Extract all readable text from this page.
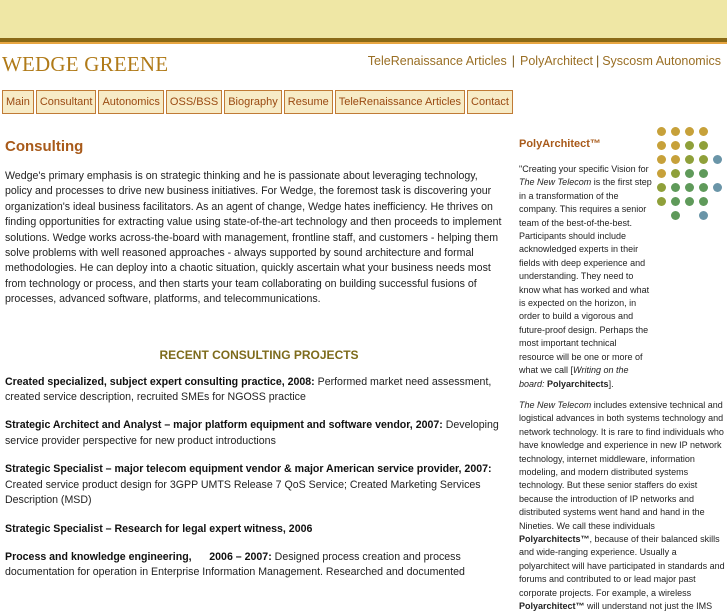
WEDGE GREENE	TeleRenaissance Articles | PolyArchitect | Syscosm Autonomics
Main Consultant Autonomics OSS/BSS Biography Resume TeleRenaissance Articles Contact
Consulting
Wedge's primary emphasis is on strategic thinking and he is passionate about leveraging technology, policy and processes to drive new business initiatives. For Wedge, the foremost task is discovering your organization's ideal business facilitators. As an agent of change, Wedge hates inefficiency. He thrives on finding opportunities for extracting value using state-of-the-art technology and then proceeds to implement solutions. Wedge works across-the-board with management, frontline staff, and customers - helping them solve problems with well reasoned approaches - always supported by sound architecture and formal methodologies. He can deploy into a chaotic situation, quickly ascertain what your business needs most from technology or process, and then starts your team collaborating on building successful fusions of processes, advanced software, platforms, and telecommunications.
RECENT CONSULTING PROJECTS
Created specialized, subject expert consulting practice, 2008: Performed market need assessment, created service description, recruited SMEs for NGOSS practice
Strategic Architect and Analyst – major platform equipment and software vendor, 2007: Developing service provider perspective for new product introductions
Strategic Specialist – major telecom equipment vendor & major American service provider, 2007: Created service product design for 3GPP UMTS Release 7 QoS Service; Created Marketing Services Description (MSD)
Strategic Specialist – Research for legal expert witness, 2006
Process and knowledge engineering,      2006 – 2007: Designed process creation and process documentation for operation in Enterprise Information Management. Researched and documented
PolyArchitect™

"Creating your specific Vision for The New Telecom is the first step in a transformation of the company. This requires a senior team of the best-of-the-best. Participants should include acknowledged experts in their fields with deep experience and understanding. They need to know what has worked and what is expected on the horizon, in order to build a vigorous and future-proof design. Perhaps the most important technical resource will be one or more of what we call [Writing on the board: Polyarchitects].

The New Telecom includes extensive technical and logistical advances in both systems technology and network technology. It is rare to find individuals who have knowledge and experience in new IP network technology, internet middleware, information modeling, and modern distributed systems technology. But these senior staffers do exist because the introduction of IP networks and distributed systems went hand and hand in the Nineties. We call these individuals Polyarchitects™, because of their balanced skills and wide-ranging experience. Usually a polyarchitect will have participated in standards and forums and contributed to or lead major past corporate projects. For example, a wireless Polyarchitect™ will understand not just the IMS
